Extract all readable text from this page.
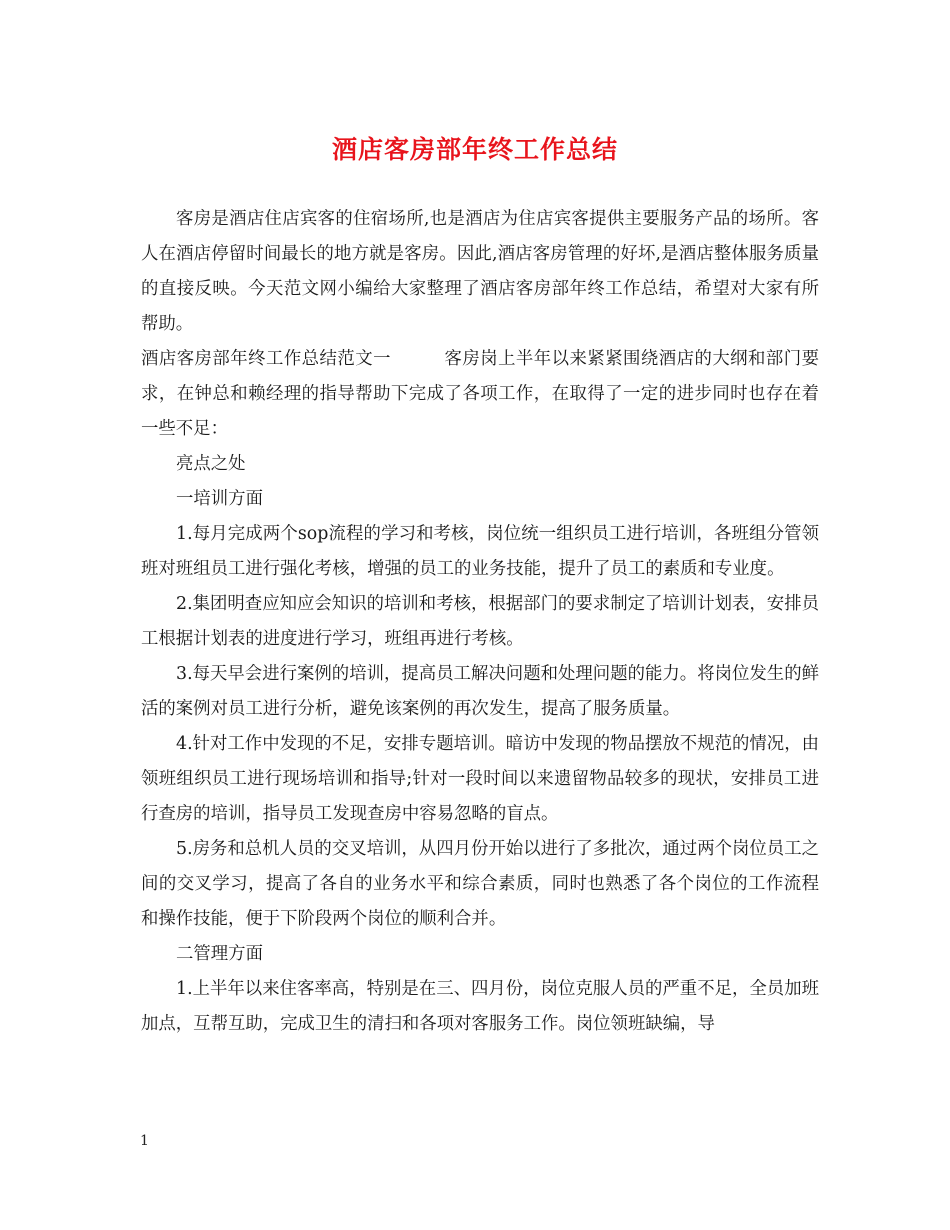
酒店客房部年终工作总结

客房是酒店住店宾客的住宿场所,也是酒店为住店宾客提供主要服务产品的场所。客人在酒店停留时间最长的地方就是客房。因此,酒店客房管理的好坏,是酒店整体服务质量的直接反映。今天范文网小编给大家整理了酒店客房部年终工作总结，希望对大家有所帮助。

酒店客房部年终工作总结范文一　　　客房岗上半年以来紧紧围绕酒店的大纲和部门要求，在钟总和赖经理的指导帮助下完成了各项工作，在取得了一定的进步同时也存在着一些不足：

亮点之处

一培训方面

1.每月完成两个sop流程的学习和考核，岗位统一组织员工进行培训，各班组分管领班对班组员工进行强化考核，增强的员工的业务技能，提升了员工的素质和专业度。

2.集团明查应知应会知识的培训和考核，根据部门的要求制定了培训计划表，安排员工根据计划表的进度进行学习，班组再进行考核。

3.每天早会进行案例的培训，提高员工解决问题和处理问题的能力。将岗位发生的鲜活的案例对员工进行分析，避免该案例的再次发生，提高了服务质量。

4.针对工作中发现的不足，安排专题培训。暗访中发现的物品摆放不规范的情况，由领班组织员工进行现场培训和指导;针对一段时间以来遗留物品较多的现状，安排员工进行查房的培训，指导员工发现查房中容易忽略的盲点。

5.房务和总机人员的交叉培训，从四月份开始以进行了多批次，通过两个岗位员工之间的交叉学习，提高了各自的业务水平和综合素质，同时也熟悉了各个岗位的工作流程和操作技能，便于下阶段两个岗位的顺利合并。

二管理方面

1.上半年以来住客率高，特别是在三、四月份，岗位克服人员的严重不足，全员加班加点，互帮互助，完成卫生的清扫和各项对客服务工作。岗位领班缺编，导

1
